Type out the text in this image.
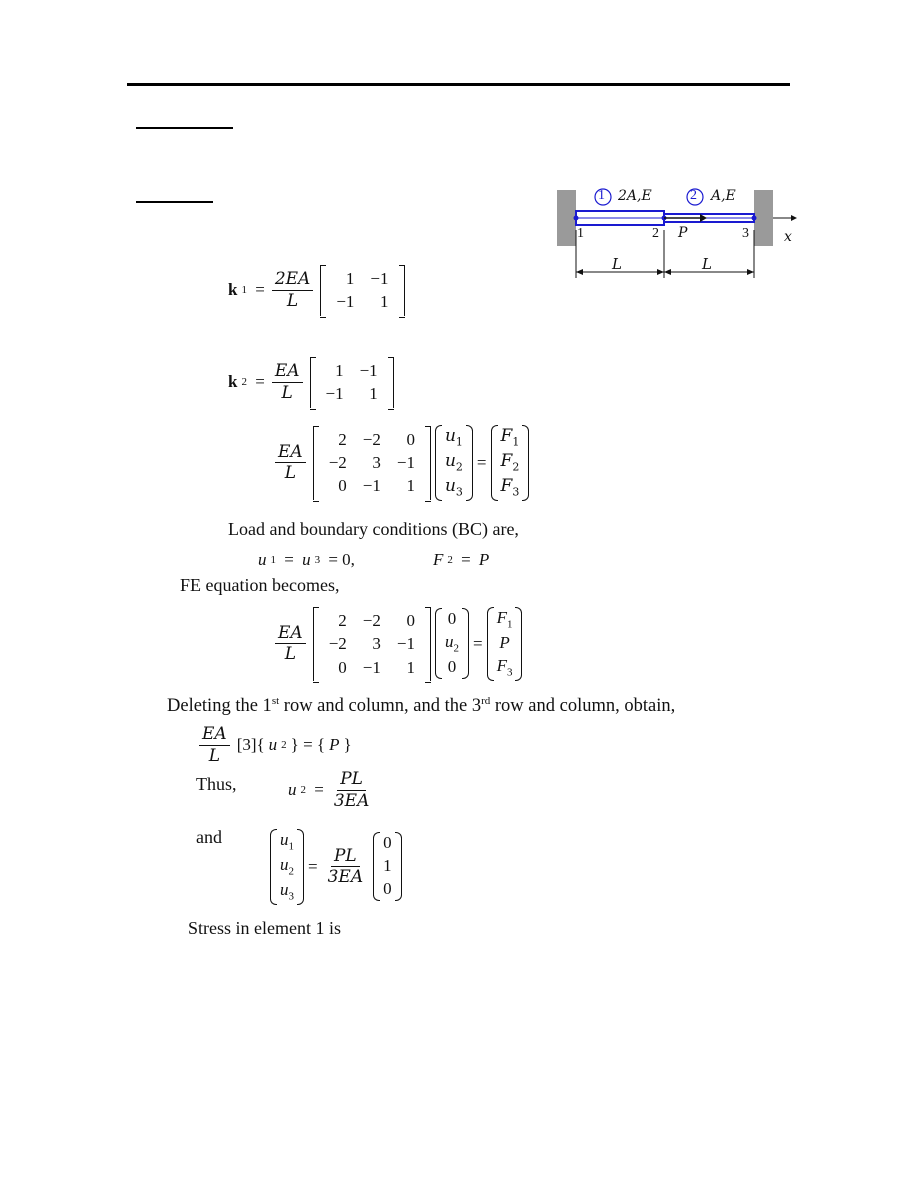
1 2A,E	2 A,E
1	2 P	3	x
L	L
k $1 = \frac{2EA}{L} 1$	−1
−1	1
k $2 = \frac{EA}{L} 1$	−1
−1	1
$\frac{EA}{L}$
2	−2	0
−2	3	−1
0	−1	1
$u_1$
$u_2$
$u_3$
=
$F_1$
$F_2$
$F_3$
Load and boundary conditions (BC) are,
u 1 = u 3 = 0,	F 2 = P
FE equation becomes,
$\frac{EA}{L}$
2	−2	0
−2	3	−1
0	−1	1
0
$u_2$
0
=
$F_1$
P
$F_3$
Deleting the 1st row and column, and the 3rd row and column, obtain,
$\frac{EA}{L} [3]${ u 2 } = { P }
Thus,	u $2 = \frac{PL}{3EA}$
and	$u_1$
$u_2$
$u_3$
= $\frac{PL}{3EA}$
0
1
0
Stress in element 1 is
